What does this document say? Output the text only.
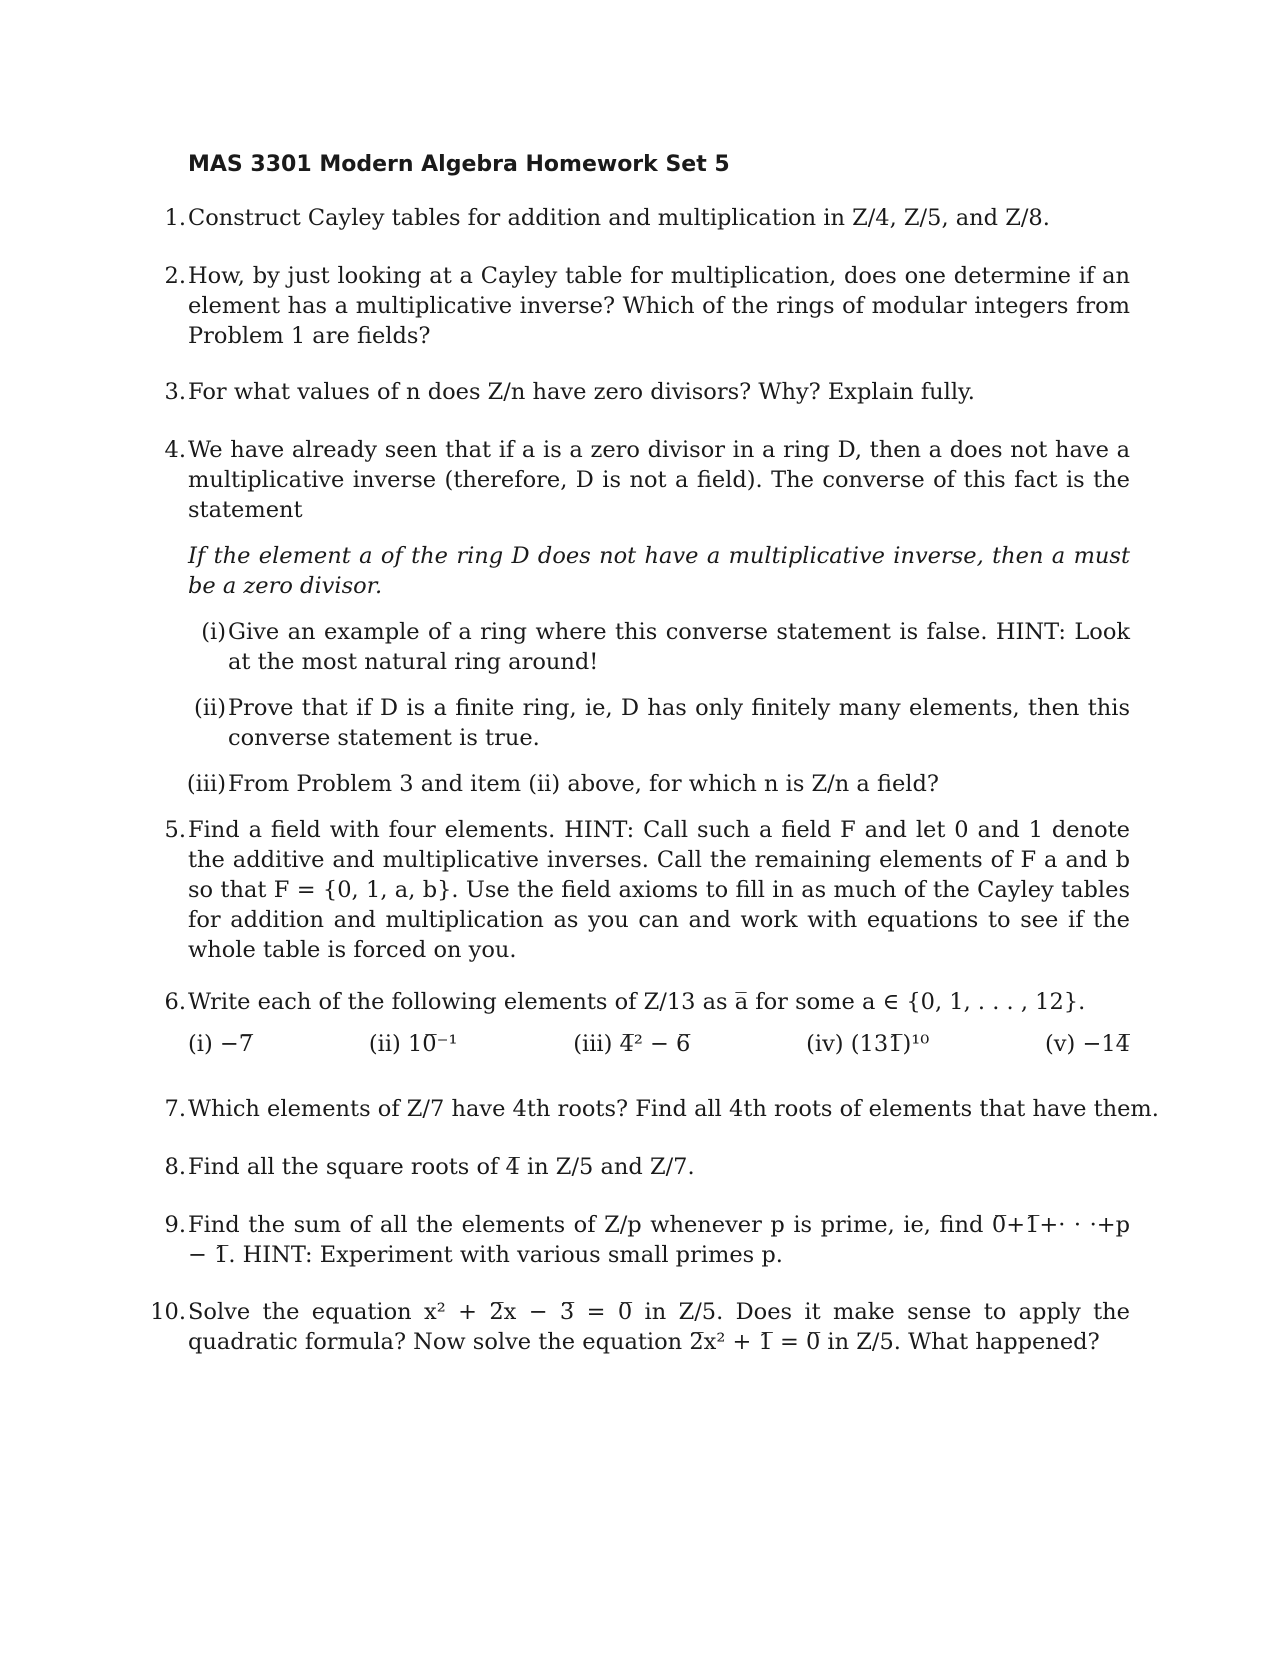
MAS 3301 Modern Algebra Homework Set 5
1. Construct Cayley tables for addition and multiplication in Z/4, Z/5, and Z/8.
2. How, by just looking at a Cayley table for multiplication, does one determine if an element has a multiplicative inverse? Which of the rings of modular integers from Problem 1 are fields?
3. For what values of n does Z/n have zero divisors? Why? Explain fully.
4. We have already seen that if a is a zero divisor in a ring D, then a does not have a multiplicative inverse (therefore, D is not a field). The converse of this fact is the statement
If the element a of the ring D does not have a multiplicative inverse, then a must be a zero divisor.
(i) Give an example of a ring where this converse statement is false. HINT: Look at the most natural ring around!
(ii) Prove that if D is a finite ring, ie, D has only finitely many elements, then this converse statement is true.
(iii) From Problem 3 and item (ii) above, for which n is Z/n a field?
5. Find a field with four elements. HINT: Call such a field F and let 0 and 1 denote the additive and multiplicative inverses. Call the remaining elements of F a and b so that F = {0, 1, a, b}. Use the field axioms to fill in as much of the Cayley tables for addition and multiplication as you can and work with equations to see if the whole table is forced on you.
6. Write each of the following elements of Z/13 as a̅ for some a ∈ {0, 1, . . . , 12}.
(i) −7̅	(ii) 10̅⁻¹	(iii) 4̅² − 6̅	(iv) (131̅)¹⁰	(v) −14̅
7. Which elements of Z/7 have 4th roots? Find all 4th roots of elements that have them.
8. Find all the square roots of 4̅ in Z/5 and Z/7.
9. Find the sum of all the elements of Z/p whenever p is prime, ie, find 0̅+1̅+· · ·+p − 1̅. HINT: Experiment with various small primes p.
10. Solve the equation x² + 2̅x − 3̅ = 0̅ in Z/5. Does it make sense to apply the quadratic formula? Now solve the equation 2̅x² + 1̅ = 0̅ in Z/5. What happened?
